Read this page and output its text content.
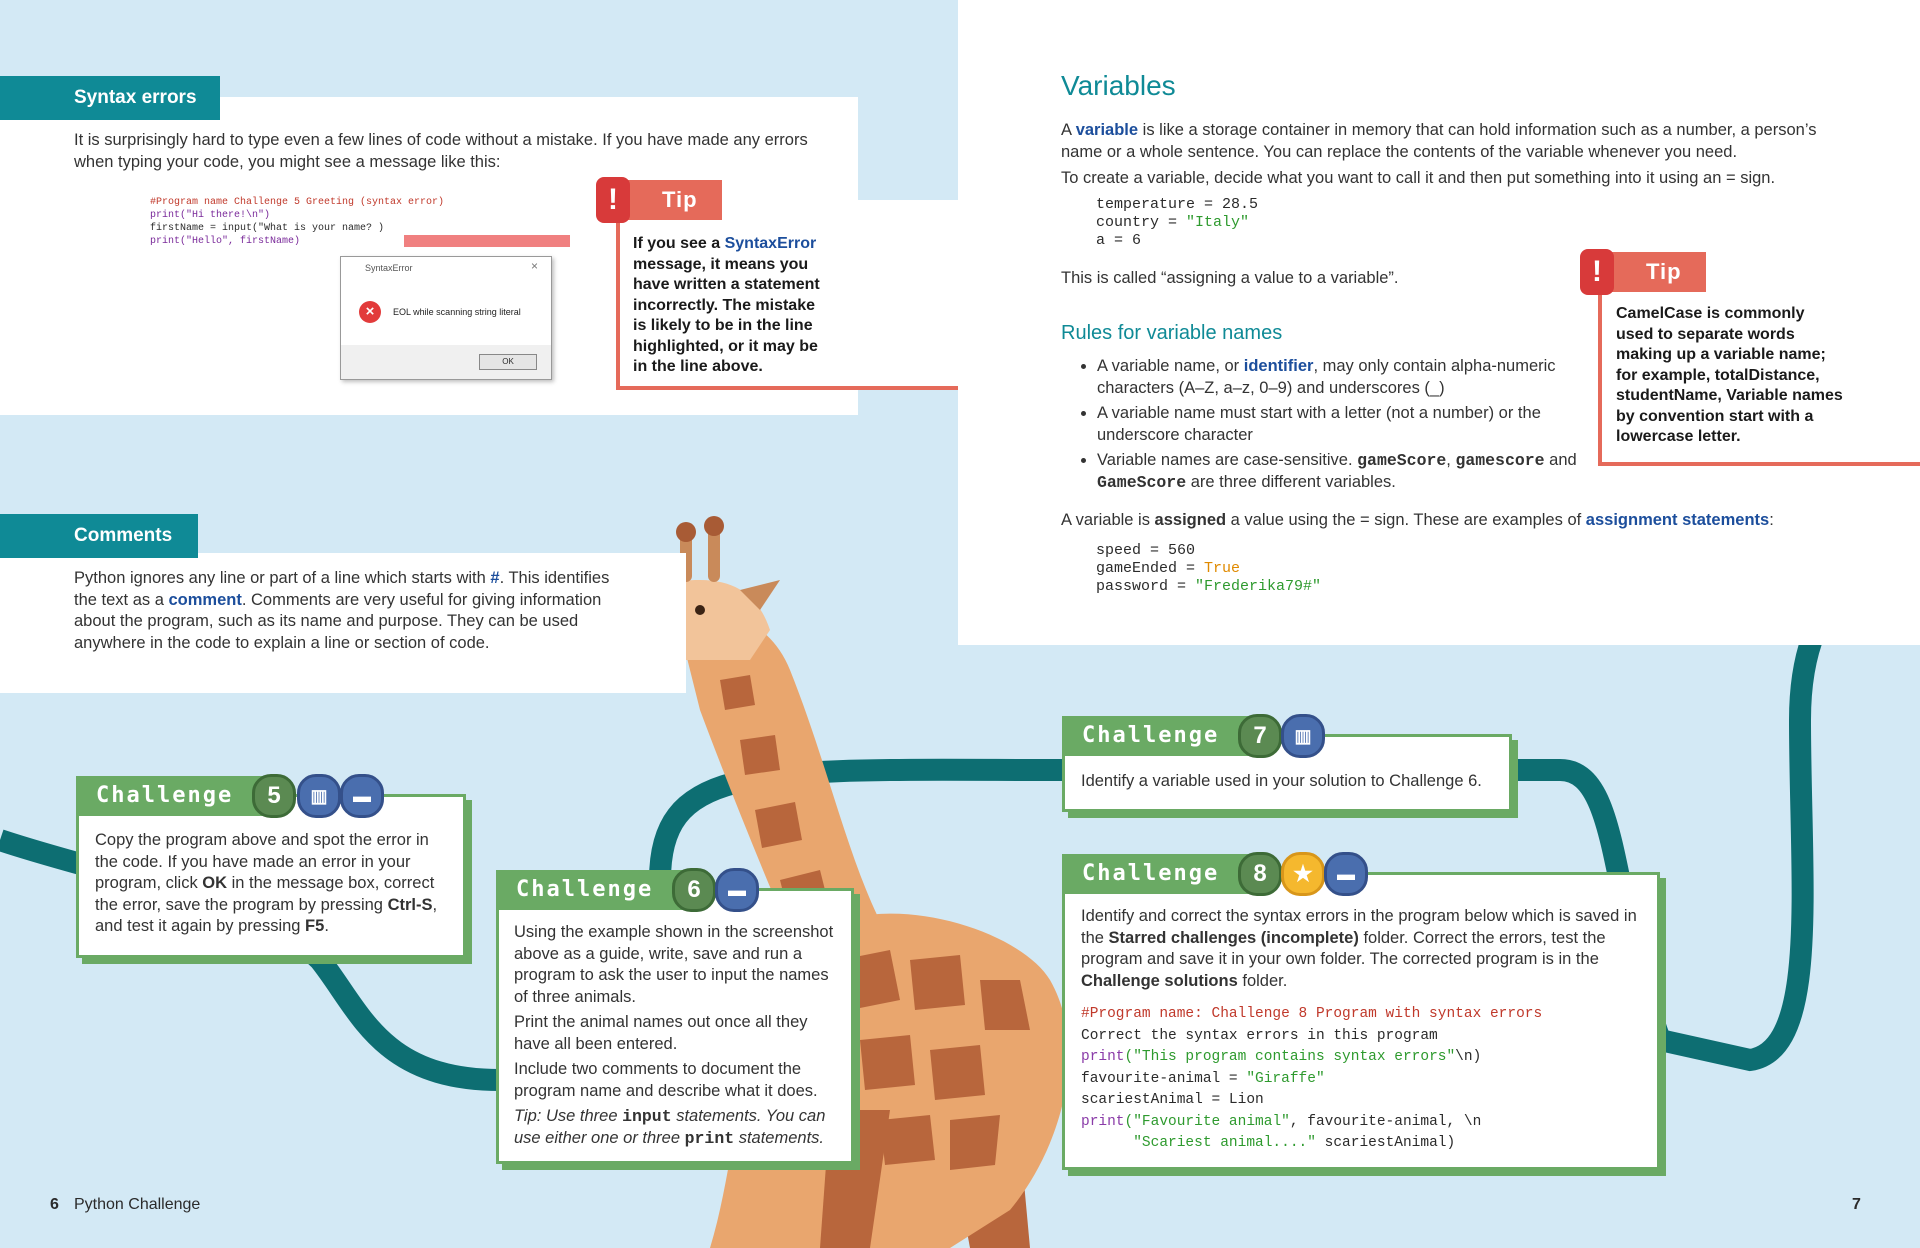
Syntax errors

It is surprisingly hard to type even a few lines of code without a mistake. If you have made any errors

when typing your code, you might see a message like this:

#Program name Challenge 5 Greeting (syntax error)
print("Hi there!\n")
firstName = input("What is your name? )
print("Hello", firstName)
SyntaxError	×
×	EOL while scanning string literal
OK
Tip
!

If you see a SyntaxError message, it means you have written a statement incorrectly. The mistake is likely to be in the line highlighted, or it may be in the line above.

Comments

Python ignores any line or part of a line which starts with #. This identifies the text as a comment. Comments are very useful for giving information about the program, such as its name and purpose. They can be used anywhere in the code to explain a line or section of code.

Challenge	5	▥	▬

Copy the program above and spot the error in the code. If you have made an error in your program, click OK in the message box, correct the error, save the program by pressing Ctrl-S, and test it again by pressing F5.

Challenge	6	▬

Using the example shown in the screenshot above as a guide, write, save and run a program to ask the user to input the names of three animals.

Print the animal names out once all they have all been entered.

Include two comments to document the program name and describe what it does.

Tip: Use three input statements. You can use either one or three print statements.

6 Python Challenge
Variables

A variable is like a storage container in memory that can hold information such as a number, a person’s name or a whole sentence. You can replace the contents of the variable whenever you need.

To create a variable, decide what you want to call it and then put something into it using an = sign.

temperature = 28.5
country = "Italy"
a = 6

This is called “assigning a value to a variable”.

Rules for variable names
• A variable name, or identifier, may only contain alpha-numeric characters (A–Z, a–z, 0–9) and underscores (_)
• A variable name must start with a letter (not a number) or the underscore character
• Variable names are case-sensitive. gameScore, gamescore and GameScore are three different variables.

A variable is assigned a value using the = sign. These are examples of assignment statements:

speed = 560
gameEnded = True
password = "Frederika79#"
Tip
!

CamelCase is commonly used to separate words making up a variable name; for example, totalDistance, studentName, Variable names by convention start with a lowercase letter.

Challenge	7	▥

Identify a variable used in your solution to Challenge 6.

Challenge	8	★	▬

Identify and correct the syntax errors in the program below which is saved in the Starred challenges (incomplete) folder. Correct the errors, test the program and save it in your own folder. The corrected program is in the Challenge solutions folder.

#Program name: Challenge 8 Program with syntax errors
Correct the syntax errors in this program
print("This program contains syntax errors"\n)
favourite-animal = "Giraffe"
scariestAnimal = Lion
print("Favourite animal", favourite-animal, \n
"Scariest animal...." scariestAnimal)
7
